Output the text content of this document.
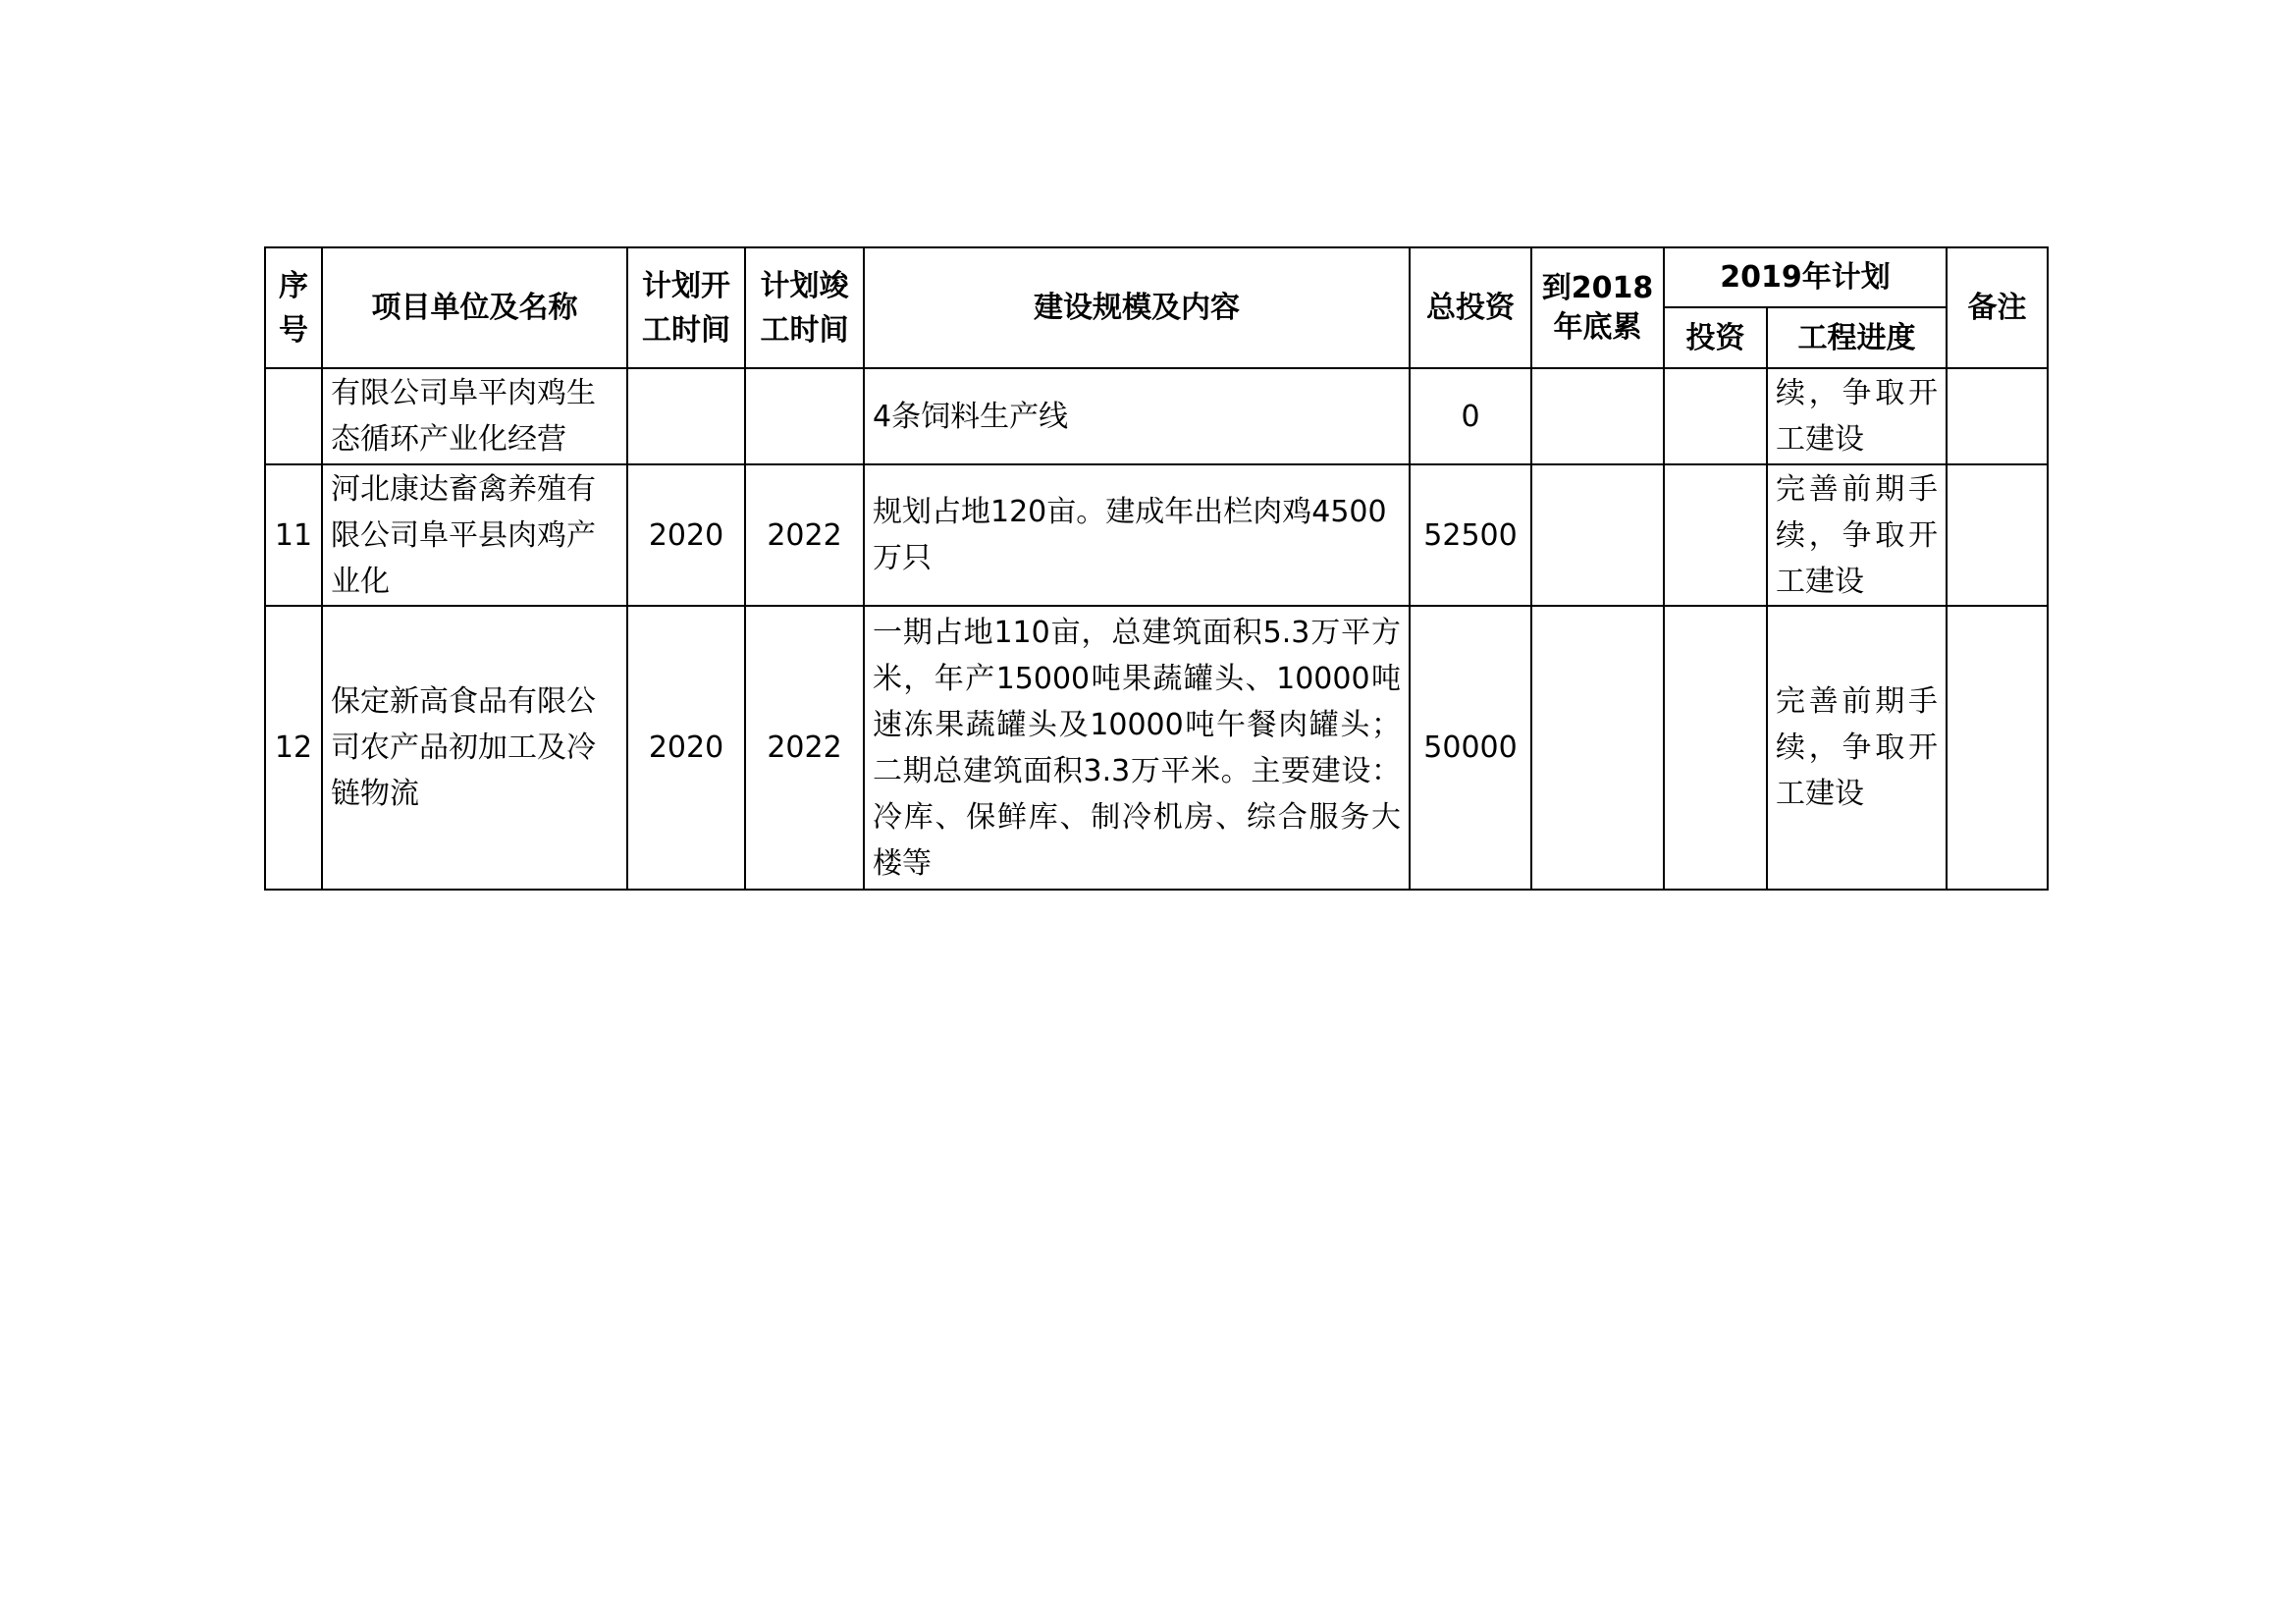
序号	项目单位及名称	计划开工时间	计划竣工时间	建设规模及内容	总投资	到2018年底累	2019年计划		备注
							投资	工程进度	
	有限公司阜平肉鸡生态循环产业化经营			4条饲料生产线	0			续，争取开工建设	
11	河北康达畜禽养殖有限公司阜平县肉鸡产业化	2020	2022	规划占地120亩。建成年出栏肉鸡4500万只	52500			完善前期手续，争取开工建设	
12	保定新高食品有限公司农产品初加工及冷链物流	2020	2022	一期占地110亩，总建筑面积5.3万平方米，年产15000吨果蔬罐头、10000吨速冻果蔬罐头及10000吨午餐肉罐头；二期总建筑面积3.3万平米。主要建设：冷库、保鲜库、制冷机房、综合服务大楼等	50000			完善前期手续，争取开工建设	
